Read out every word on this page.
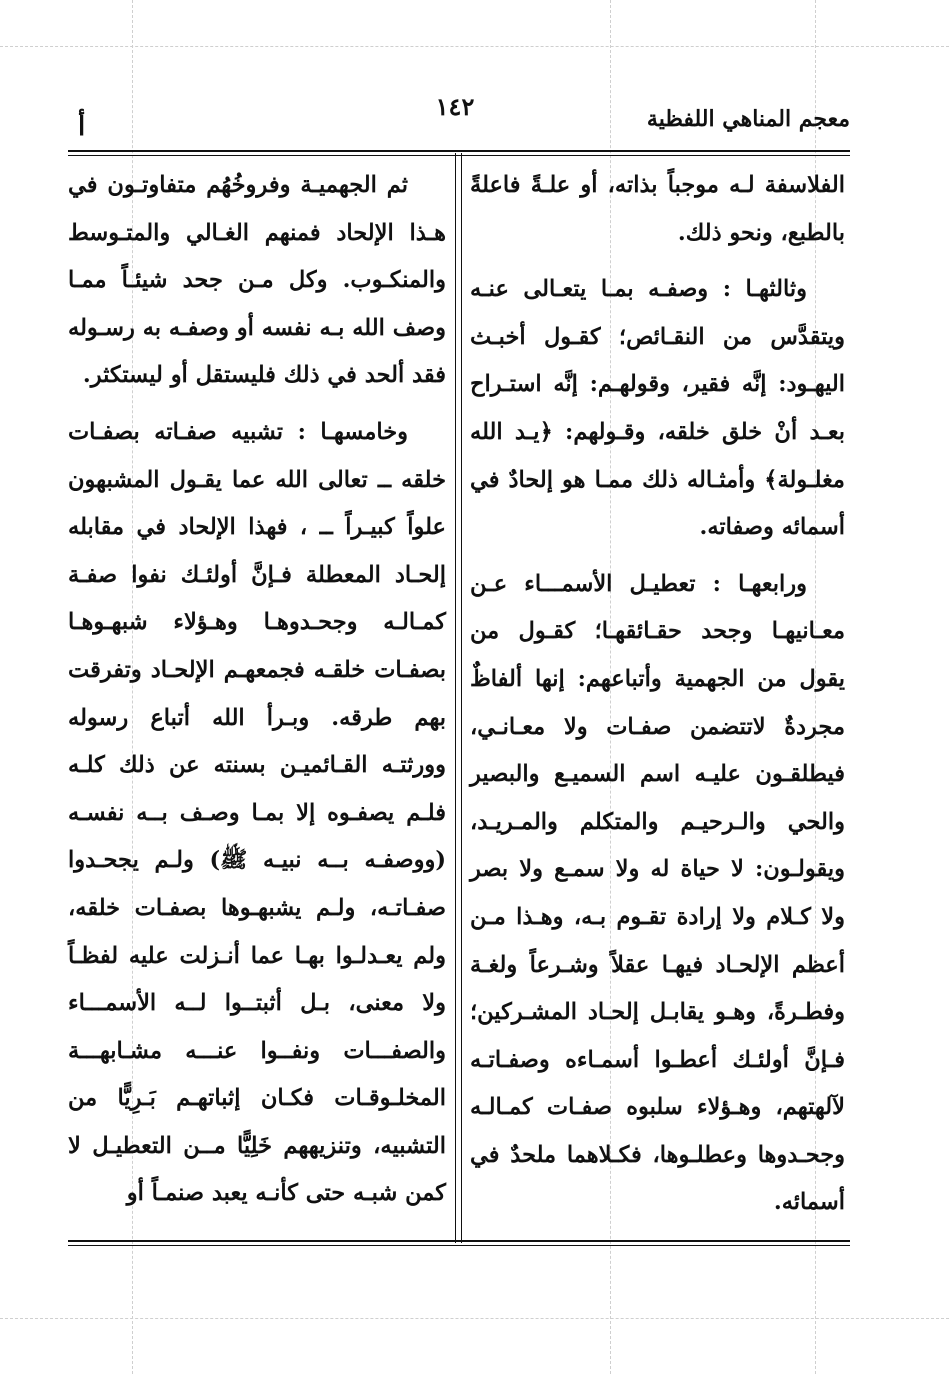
معجم المناهي اللفظية
١٤٢
أ

الفلاسفة لـه موجباً بذاته، أو علـةً فاعلةً بالطبع، ونحو ذلك.

وثالثهـا : وصفـه بمـا يتعـالى عنـه ويتقدَّس من النقـائص؛ كقـول أخبـث اليهـود: إنَّه فقير، وقولهـم: إنَّه استـراح بعـد أنْ خلق خلقه، وقـولهم: ﴿يـد الله مغلـولة﴾ وأمثـاله ذلك ممـا هو إلحادٌ في أسمائه وصفاته.

ورابعهـا : تعطيـل الأسمـــاء عـن معـانيهـا وجحد حقـائقهـا؛ كقـول من يقول من الجهمية وأتباعهم: إنها ألفاظٌ مجردةٌ لاتتضمن صفـات ولا معـانـي، فيطلقـون عليـه اسم السميـع والبصير والحي والـرحيـم والمتكلم والمـريـد، ويقولـون: لا حياة له ولا سمـع ولا بصر ولا كـلام ولا إرادة تقـوم بـه، وهـذا مـن أعظم الإلحـاد فيهـا عقلاً وشـرعاً ولغـة وفطـرةً، وهـو يقابـل إلحـاد المشـركين؛ فـإنَّ أولئـك أعطـوا أسمـاءه وصفـاتـه لآلهتهم، وهـؤلاء سلبوه صفـات كمـالـه وجحـدوها وعطلـوها، فكـلاهما ملحدٌ في أسمائه.

ثم الجهميـة وفروخُهُم متفاوتـون في هـذا الإلحاد فمنهم الغـالي والمتـوسط والمنكـوب. وكل مـن جحد شيئـاً ممـا وصف الله بـه نفسه أو وصفـه به رسـوله فقد ألحد في ذلك فليستقل أو ليستكثر.

وخامسهـا : تشبيه صفـاته بصفـات خلقه ــ تعالى الله عما يقـول المشبهون علواً كبيـراً ــ ، فهذا الإلحاد في مقابله إلحـاد المعطلة فـإنَّ أولئـك نفوا صفـة كمـالـه وجحـدوهـا وهـؤلاء شبهـوهـا بصفـات خلقـه فجمعهـم الإلحـاد وتفرقت بهم طرقه. وبـرأ الله أتباع رسوله وورثتـه القـائميـن بسنته عن ذلك كلـه فلـم يصفـوه إلا بمـا وصـف بــه نفسـه (ووصفـه بــه نبيـه ﷺ) ولـم يجحـدوا صفـاتـه، ولـم يشبهـوها بصفـات خلقه، ولم يعـدلـوا بهـا عما أنـزلت عليه لفظـاً ولا معنى، بـل أثبتــوا لــه الأسمـــاء والصفـــات ونفــوا عنـــه مشـابهـــة المخلـوقـات فكـان إثباتهـم بَـرِيًّا من التشبيه، وتنزيههم خَلِيًّا مــن التعطيـل لا كمن شبـه حتى كأنـه يعبد صنمـاً أو
